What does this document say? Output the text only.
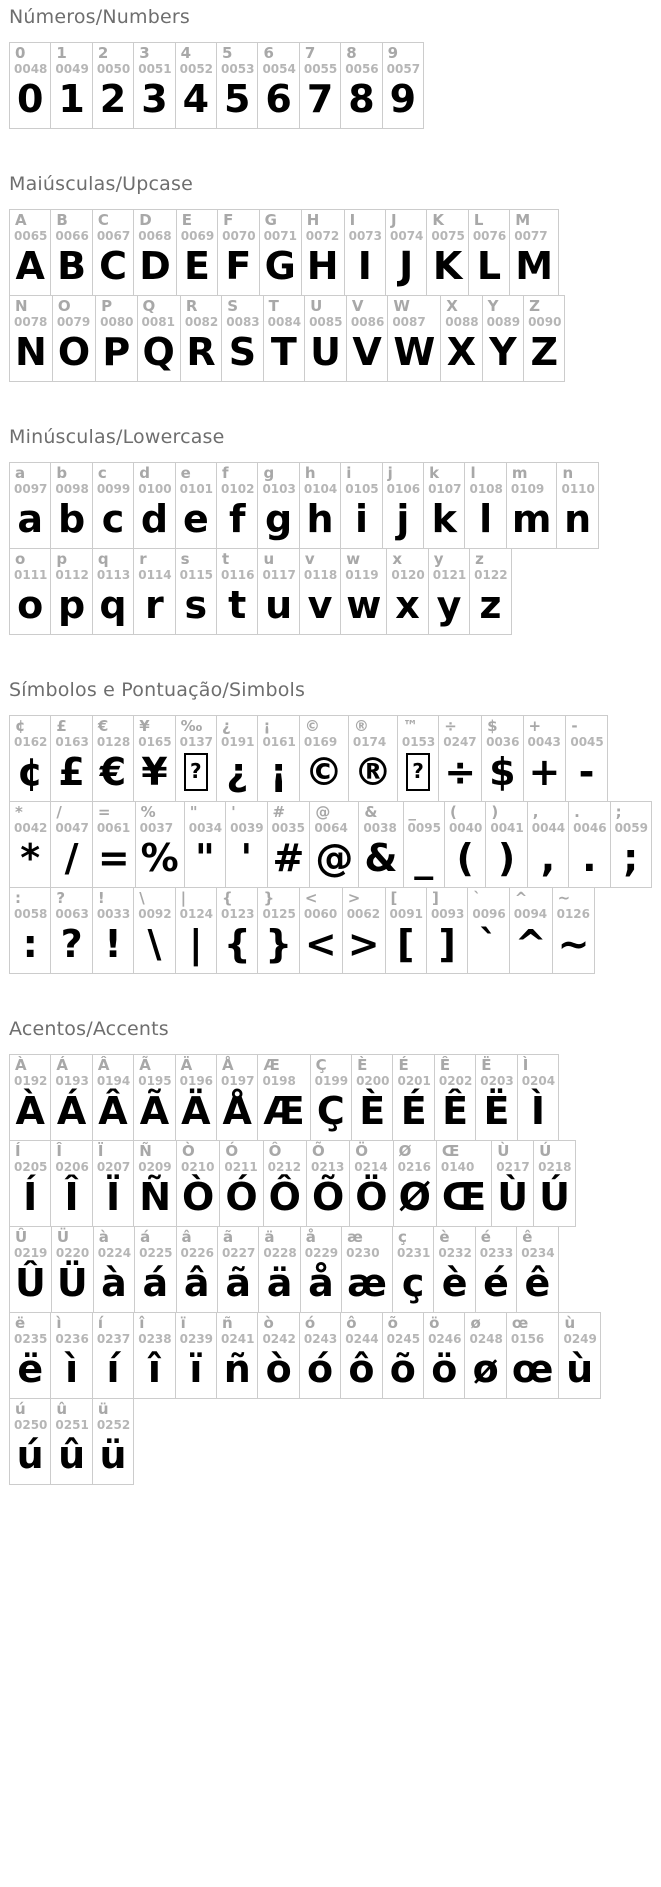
Números/Numbers
0
0048
0
1
0049
1
2
0050
2
3
0051
3
4
0052
4
5
0053
5
6
0054
6
7
0055
7
8
0056
8
9
0057
9
Maiúsculas/Upcase
A
0065
A
B
0066
B
C
0067
C
D
0068
D
E
0069
E
F
0070
F
G
0071
G
H
0072
H
I
0073
I
J
0074
J
K
0075
K
L
0076
L
M
0077
M
N
0078
N
O
0079
O
P
0080
P
Q
0081
Q
R
0082
R
S
0083
S
T
0084
T
U
0085
U
V
0086
V
W
0087
W
X
0088
X
Y
0089
Y
Z
0090
Z
Minúsculas/Lowercase
a
0097
a
b
0098
b
c
0099
c
d
0100
d
e
0101
e
f
0102
f
g
0103
g
h
0104
h
i
0105
i
j
0106
j
k
0107
k
l
0108
l
m
0109
m
n
0110
n
o
0111
o
p
0112
p
q
0113
q
r
0114
r
s
0115
s
t
0116
t
u
0117
u
v
0118
v
w
0119
w
x
0120
x
y
0121
y
z
0122
z
Símbolos e Pontuação/Simbols
¢
0162
¢
£
0163
£
€
0128
€
¥
0165
¥
‰
0137
?
¿
0191
¿
¡
0161
¡
©
0169
©
®
0174
®
™
0153
?
÷
0247
÷
$
0036
$
+
0043
+
-
0045
-
*
0042
*
/
0047
/
=
0061
=
%
0037
%
"
0034
"
'
0039
'
#
0035
#
@
0064
@
&
0038
&
_
0095
_
(
0040
(
)
0041
)
,
0044
,
.
0046
.
;
0059
;
:
0058
:
?
0063
?
!
0033
!
\
0092
\
|
0124
|
{
0123
{
}
0125
}
<
0060
<
>
0062
>
[
0091
[
]
0093
]
`
0096
`
^
0094
^
~
0126
~
Acentos/Accents
À
0192
À
Á
0193
Á
Â
0194
Â
Ã
0195
Ã
Ä
0196
Ä
Å
0197
Å
Æ
0198
Æ
Ç
0199
Ç
È
0200
È
É
0201
É
Ê
0202
Ê
Ë
0203
Ë
Ì
0204
Ì
Í
0205
Í
Î
0206
Î
Ï
0207
Ï
Ñ
0209
Ñ
Ò
0210
Ò
Ó
0211
Ó
Ô
0212
Ô
Õ
0213
Õ
Ö
0214
Ö
Ø
0216
Ø
Œ
0140
Œ
Ù
0217
Ù
Ú
0218
Ú
Û
0219
Û
Ü
0220
Ü
à
0224
à
á
0225
á
â
0226
â
ã
0227
ã
ä
0228
ä
å
0229
å
æ
0230
æ
ç
0231
ç
è
0232
è
é
0233
é
ê
0234
ê
ë
0235
ë
ì
0236
ì
í
0237
í
î
0238
î
ï
0239
ï
ñ
0241
ñ
ò
0242
ò
ó
0243
ó
ô
0244
ô
õ
0245
õ
ö
0246
ö
ø
0248
ø
œ
0156
œ
ù
0249
ù
ú
0250
ú
û
0251
û
ü
0252
ü
